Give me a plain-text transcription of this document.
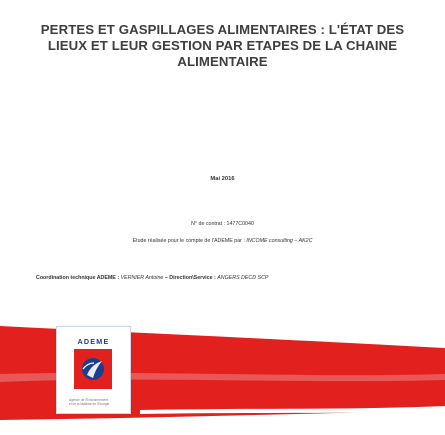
PERTES ET GASPILLAGES ALIMENTAIRES : L'ÉTAT DES
LIEUX ET LEUR GESTION PAR ETAPES DE LA CHAINE
ALIMENTAIRE
Mai 2016
N° de contrat : 1477C0040
Etude réalisée pour le compte de l'ADEME par : INCOME consulting – AK2C
Coordination technique ADEME : VERNIER Antoine – Direction\Service : ANGERS DECD SCP
ADEME
Agence de l'Environnement
et de la Maîtrise de l'Energie
